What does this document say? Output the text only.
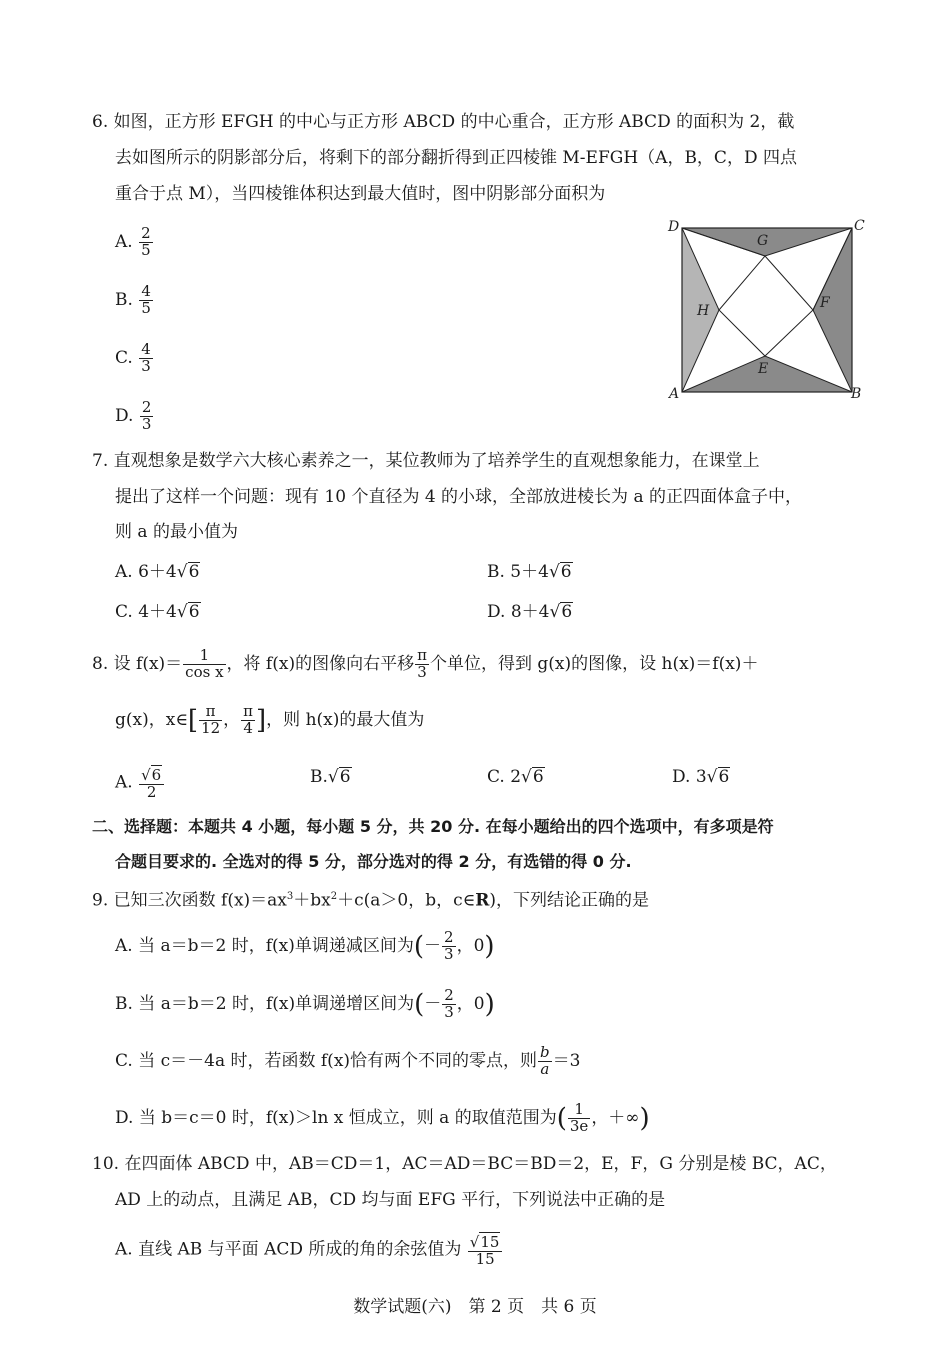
6. 如图，正方形 EFGH 的中心与正方形 ABCD 的中心重合，正方形 ABCD 的面积为 2，截
去如图所示的阴影部分后，将剩下的部分翻折得到正四棱锥 M-EFGH（A，B，C，D 四点
重合于点 M），当四棱锥体积达到最大值时，图中阴影部分面积为
A. $\frac{2}{5}$
B. $\frac{4}{5}$
C. $\frac{4}{3}$
D. $\frac{2}{3}$
D	C
G
H	F
E
A	B
7. 直观想象是数学六大核心素养之一，某位教师为了培养学生的直观想象能力，在课堂上
提出了这样一个问题：现有 10 个直径为 4 的小球，全部放进棱长为 a 的正四面体盒子中，
则 a 的最小值为
A. 6＋4√6	B. 5＋4√6
C. 4＋4√6	D. 8＋4√6
8. 设 $f(x)= \frac{1}{\text{cos x}}$ ，将 f(x)的图像向右平移 $\frac{\pi}{3}$ 个单位，得到 g(x)的图像，设 h(x)＝f(x)＋
g(x)，x∈[ $\frac{\pi}{12}$ ， $\frac{\pi}{4}$ ]，则 h(x)的最大值为
A. $\frac{√6}{2}$	B.√6	C. 2√6	D. 3√6
二、选择题：本题共 4 小题，每小题 5 分，共 20 分. 在每小题给出的四个选项中，有多项是符
合题目要求的. 全选对的得 5 分，部分选对的得 2 分，有选错的得 0 分.
9. 已知三次函数 $f(x)=ax^3+bx^2+c(a>0$，b，c∈R)，下列结论正确的是
A. 当 a＝b＝2 时，f(x)单调递减区间为(－ $\frac{2}{3}$ ，0)
B. 当 a＝b＝2 时，f(x)单调递增区间为(－ $\frac{2}{3}$ ，0)
C. 当 c＝－4a 时，若函数 f(x)恰有两个不同的零点，则 $\frac{b}{a} =3$
D. 当 b＝c＝0 时，f(x)＞ln x 恒成立，则 a 的取值范围为( $\frac{1}{3e}$ ，＋∞)
10. 在四面体 ABCD 中，AB＝CD＝1，AC＝AD＝BC＝BD＝2，E，F，G 分别是棱 BC，AC，
AD 上的动点，且满足 AB，CD 均与面 EFG 平行，下列说法中正确的是
A. 直线 AB 与平面 ACD 所成的角的余弦值为 $\frac{√15}{15}$
数学试题(六)　第 2 页　共 6 页
